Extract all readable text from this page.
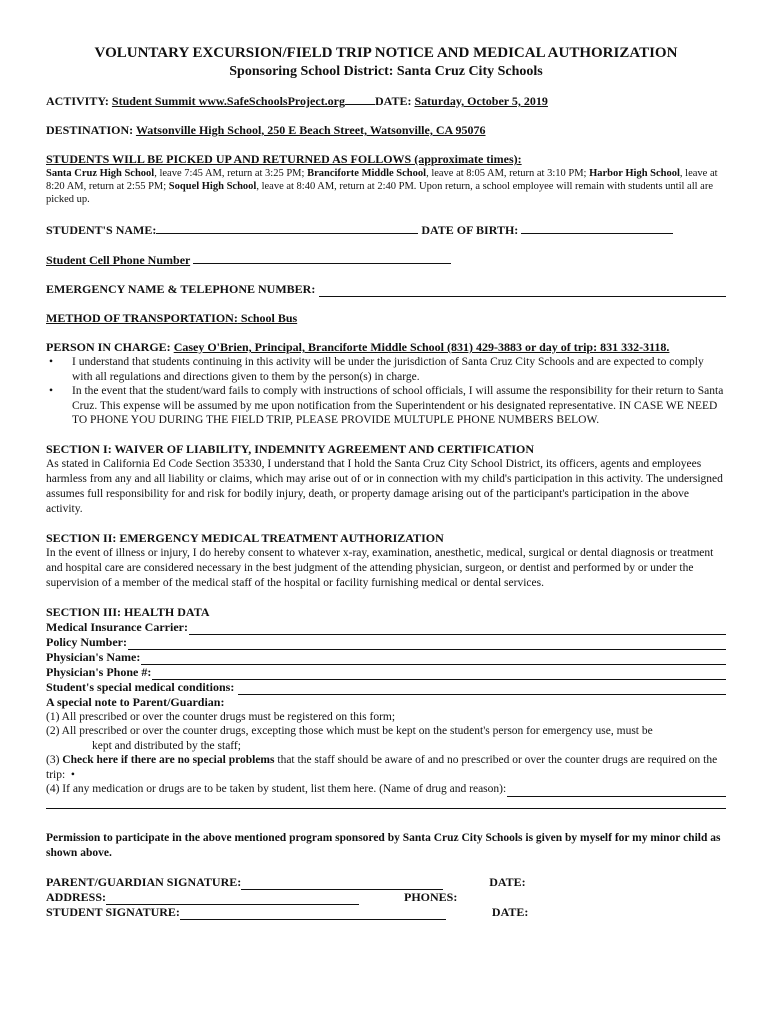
VOLUNTARY EXCURSION/FIELD TRIP NOTICE AND MEDICAL AUTHORIZATION
Sponsoring School District: Santa Cruz City Schools
ACTIVITY: Student Summit www.SafeSchoolsProject.org	DATE: Saturday, October 5, 2019
DESTINATION: Watsonville High School, 250 E Beach Street, Watsonville, CA 95076
STUDENTS WILL BE PICKED UP AND RETURNED AS FOLLOWS (approximate times):
Santa Cruz High School, leave 7:45 AM, return at 3:25 PM; Branciforte Middle School, leave at 8:05 AM, return at 3:10 PM; Harbor High School, leave at 8:20 AM, return at 2:55 PM; Soquel High School, leave at 8:40 AM, return at 2:40 PM. Upon return, a school employee will remain with students until all are picked up.
STUDENT'S NAME:	DATE OF BIRTH:
Student Cell Phone Number
EMERGENCY NAME & TELEPHONE NUMBER:
METHOD OF TRANSPORTATION: School Bus
PERSON IN CHARGE: Casey O'Brien, Principal, Branciforte Middle School (831) 429-3883 or day of trip: 831 332-3118.
• I understand that students continuing in this activity will be under the jurisdiction of Santa Cruz City Schools and are expected to comply with all regulations and directions given to them by the person(s) in charge.
• In the event that the student/ward fails to comply with instructions of school officials, I will assume the responsibility for their return to Santa Cruz. This expense will be assumed by me upon notification from the Superintendent or his designated representative. IN CASE WE NEED TO PHONE YOU DURING THE FIELD TRIP, PLEASE PROVIDE MULTUPLE PHONE NUMBERS BELOW.
SECTION I: WAIVER OF LIABILITY, INDEMNITY AGREEMENT AND CERTIFICATION
As stated in California Ed Code Section 35330, I understand that I hold the Santa Cruz City School District, its officers, agents and employees harmless from any and all liability or claims, which may arise out of or in connection with my child's participation in this activity. The undersigned assumes full responsibility for and risk for bodily injury, death, or property damage arising out of the participant's participation in the above activity.
SECTION II: EMERGENCY MEDICAL TREATMENT AUTHORIZATION
In the event of illness or injury, I do hereby consent to whatever x-ray, examination, anesthetic, medical, surgical or dental diagnosis or treatment and hospital care are considered necessary in the best judgment of the attending physician, surgeon, or dentist and performed by or under the supervision of a member of the medical staff of the hospital or facility furnishing medical or dental services.
SECTION III: HEALTH DATA
Medical Insurance Carrier:
Policy Number:
Physician's Name:
Physician's Phone #:
Student's special medical conditions:
A special note to Parent/Guardian:
(1) All prescribed or over the counter drugs must be registered on this form;
(2) All prescribed or over the counter drugs, excepting those which must be kept on the student's person for emergency use, must be
kept and distributed by the staff;
(3) Check here if there are no special problems that the staff should be aware of and no prescribed or over the counter drugs are required on the trip: •
(4) If any medication or drugs are to be taken by student, list them here. (Name of drug and reason):
Permission to participate in the above mentioned program sponsored by Santa Cruz City Schools is given by myself for my minor child as shown above.
PARENT/GUARDIAN SIGNATURE:	DATE:
ADDRESS:	PHONES:
STUDENT SIGNATURE:	DATE:
